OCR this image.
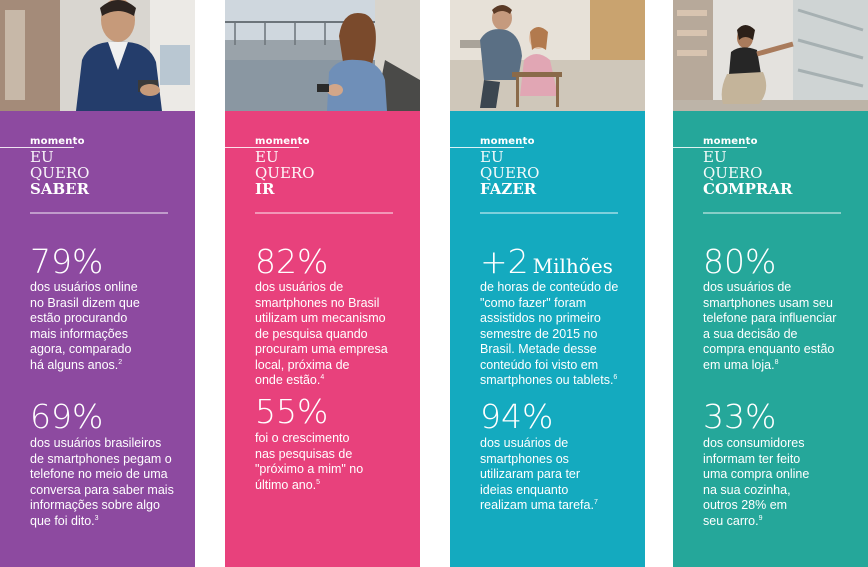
momento
EU
QUERO
SABER
79%
dos usuários online
no Brasil dizem que
estão procurando
mais informações
agora, comparado
há alguns anos.$^2$
69%
dos usuários brasileiros
de smartphones pegam o
telefone no meio de uma
conversa para saber mais
informações sobre algo
que foi dito.$^3$
momento
EU
QUERO
IR
82%
dos usuários de
smartphones no Brasil
utilizam um mecanismo
de pesquisa quando
procuram uma empresa
local, próxima de
onde estão.$^4$
55%
foi o crescimento
nas pesquisas de
"próximo a mim" no
último ano.$^5$
momento
EU
QUERO
FAZER
+2 Milhões
de horas de conteúdo de
"como fazer" foram
assistidos no primeiro
semestre de 2015 no
Brasil. Metade desse
conteúdo foi visto em
smartphones ou tablets.$^6$
94%
dos usuários de
smartphones os
utilizaram para ter
ideias enquanto
realizam uma tarefa.$^7$
momento
EU
QUERO
COMPRAR
80%
dos usuários de
smartphones usam seu
telefone para influenciar
a sua decisão de
compra enquanto estão
em uma loja.$^8$
33%
dos consumidores
informam ter feito
uma compra online
na sua cozinha,
outros 28% em
seu carro.$^9$
